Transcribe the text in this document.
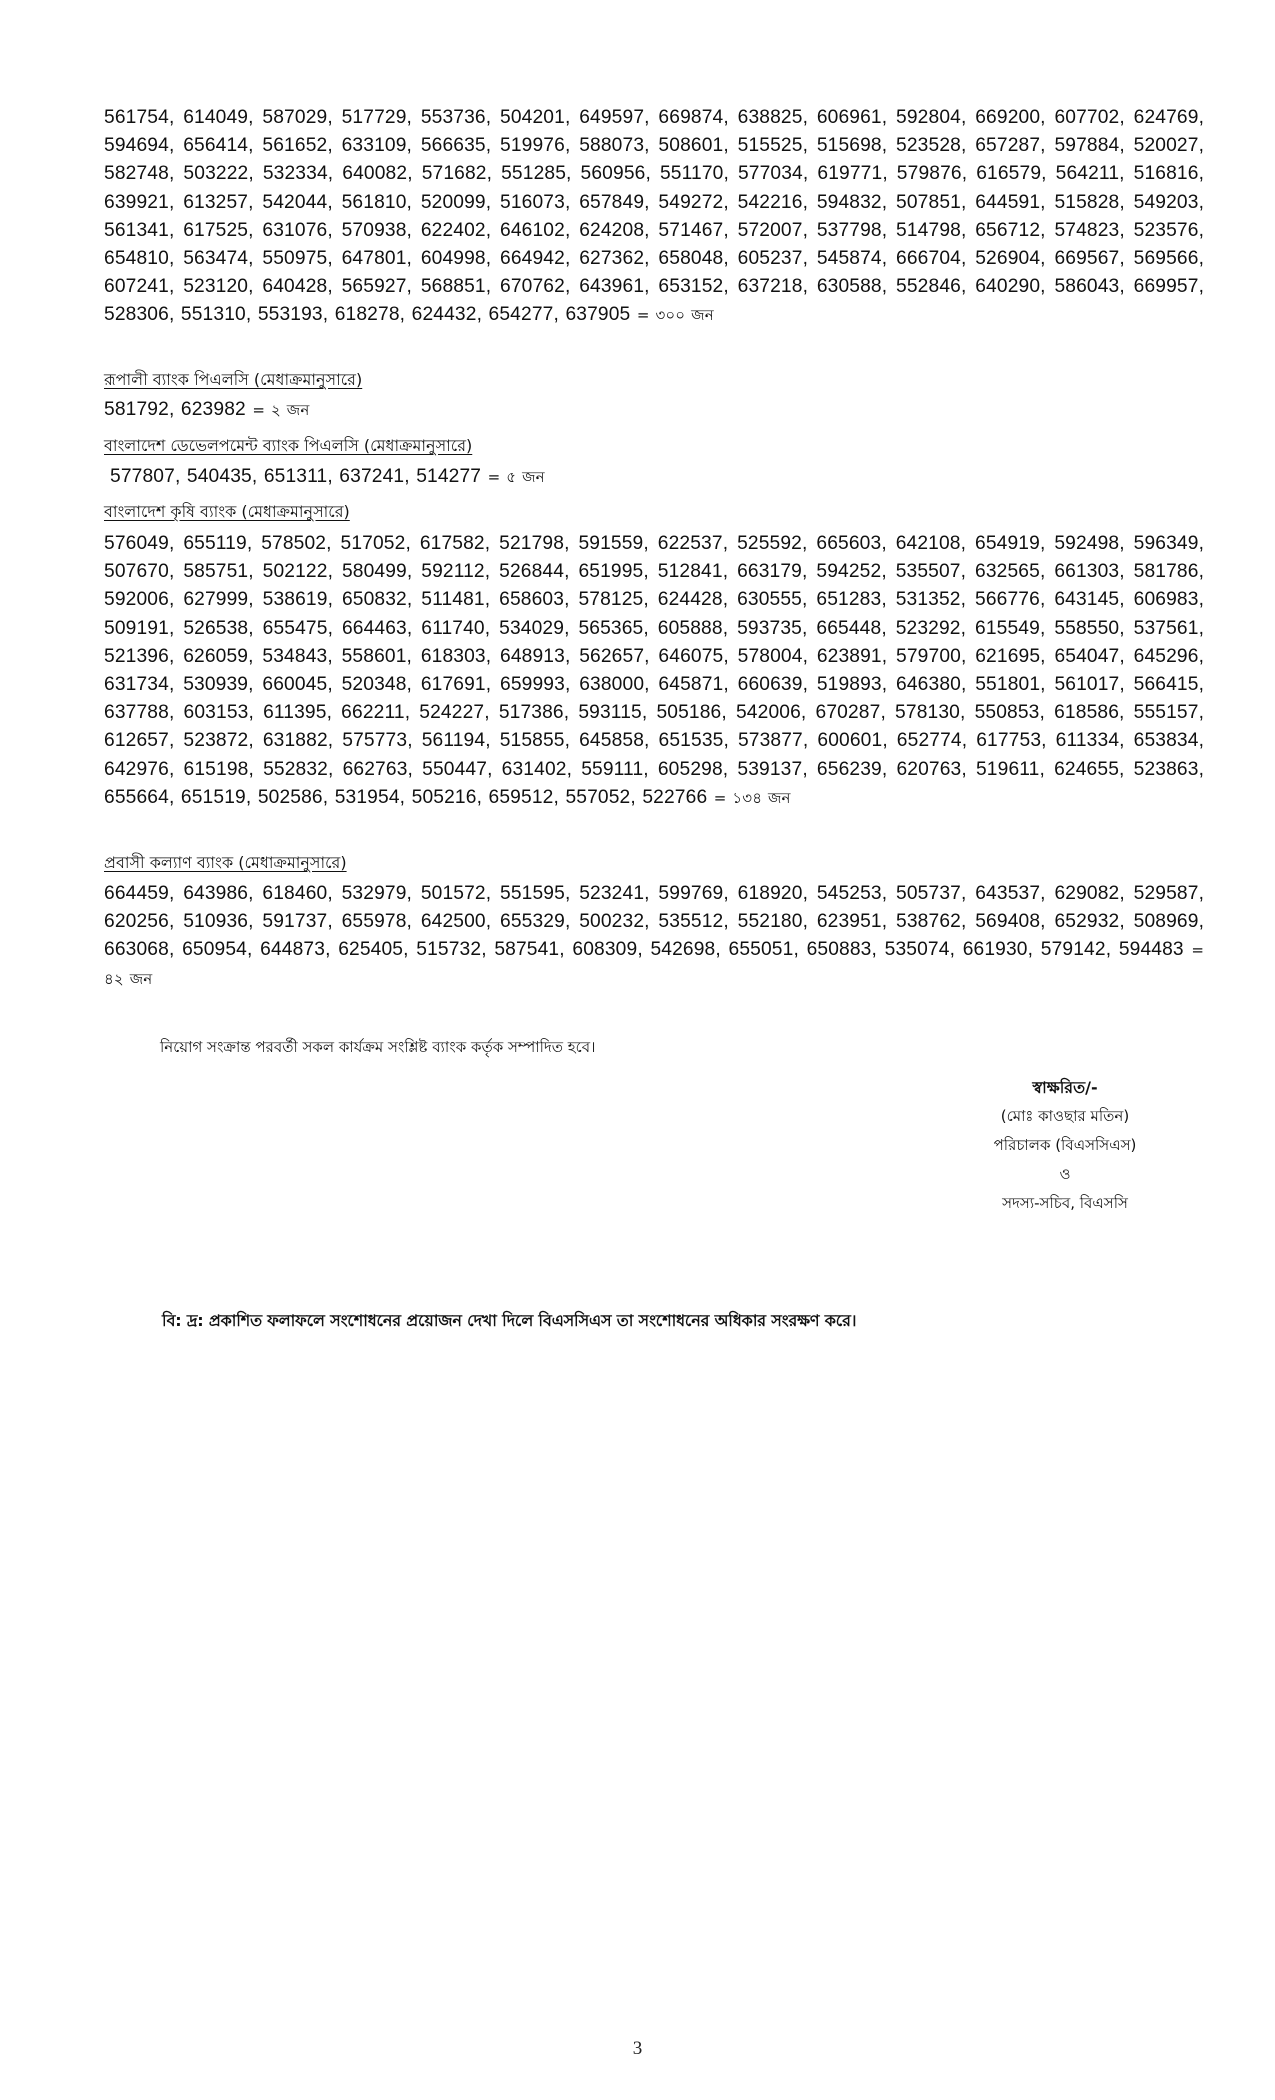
561754, 614049, 587029, 517729, 553736, 504201, 649597, 669874, 638825, 606961, 592804, 669200, 607702, 624769, 594694, 656414, 561652, 633109, 566635, 519976, 588073, 508601, 515525, 515698, 523528, 657287, 597884, 520027, 582748, 503222, 532334, 640082, 571682, 551285, 560956, 551170, 577034, 619771, 579876, 616579, 564211, 516816, 639921, 613257, 542044, 561810, 520099, 516073, 657849, 549272, 542216, 594832, 507851, 644591, 515828, 549203, 561341, 617525, 631076, 570938, 622402, 646102, 624208, 571467, 572007, 537798, 514798, 656712, 574823, 523576, 654810, 563474, 550975, 647801, 604998, 664942, 627362, 658048, 605237, 545874, 666704, 526904, 669567, 569566, 607241, 523120, 640428, 565927, 568851, 670762, 643961, 653152, 637218, 630588, 552846, 640290, 586043, 669957, 528306, 551310, 553193, 618278, 624432, 654277, 637905 = ৩০০ জন
রূপালী ব্যাংক পিএলসি (মেধাক্রমানুসারে)
581792, 623982 = ২ জন
বাংলাদেশ ডেভেলপমেন্ট ব্যাংক পিএলসি (মেধাক্রমানুসারে)
577807, 540435, 651311, 637241, 514277 = ৫ জন
বাংলাদেশ কৃষি ব্যাংক (মেধাক্রমানুসারে)
576049, 655119, 578502, 517052, 617582, 521798, 591559, 622537, 525592, 665603, 642108, 654919, 592498, 596349, 507670, 585751, 502122, 580499, 592112, 526844, 651995, 512841, 663179, 594252, 535507, 632565, 661303, 581786, 592006, 627999, 538619, 650832, 511481, 658603, 578125, 624428, 630555, 651283, 531352, 566776, 643145, 606983, 509191, 526538, 655475, 664463, 611740, 534029, 565365, 605888, 593735, 665448, 523292, 615549, 558550, 537561, 521396, 626059, 534843, 558601, 618303, 648913, 562657, 646075, 578004, 623891, 579700, 621695, 654047, 645296, 631734, 530939, 660045, 520348, 617691, 659993, 638000, 645871, 660639, 519893, 646380, 551801, 561017, 566415, 637788, 603153, 611395, 662211, 524227, 517386, 593115, 505186, 542006, 670287, 578130, 550853, 618586, 555157, 612657, 523872, 631882, 575773, 561194, 515855, 645858, 651535, 573877, 600601, 652774, 617753, 611334, 653834, 642976, 615198, 552832, 662763, 550447, 631402, 559111, 605298, 539137, 656239, 620763, 519611, 624655, 523863, 655664, 651519, 502586, 531954, 505216, 659512, 557052, 522766 = ১৩৪ জন
প্রবাসী কল্যাণ ব্যাংক (মেধাক্রমানুসারে)
664459, 643986, 618460, 532979, 501572, 551595, 523241, 599769, 618920, 545253, 505737, 643537, 629082, 529587, 620256, 510936, 591737, 655978, 642500, 655329, 500232, 535512, 552180, 623951, 538762, 569408, 652932, 508969, 663068, 650954, 644873, 625405, 515732, 587541, 608309, 542698, 655051, 650883, 535074, 661930, 579142, 594483 = ৪২ জন
নিয়োগ সংক্রান্ত পরবর্তী সকল কার্যক্রম সংশ্লিষ্ট ব্যাংক কর্তৃক সম্পাদিত হবে।
স্বাক্ষরিত/-
(মোঃ কাওছার মতিন)
পরিচালক (বিএসসিএস)
ও
সদস্য-সচিব, বিএসসি
বি: দ্র: প্রকাশিত ফলাফলে সংশোধনের প্রয়োজন দেখা দিলে বিএসসিএস তা সংশোধনের অধিকার সংরক্ষণ করে।
3
